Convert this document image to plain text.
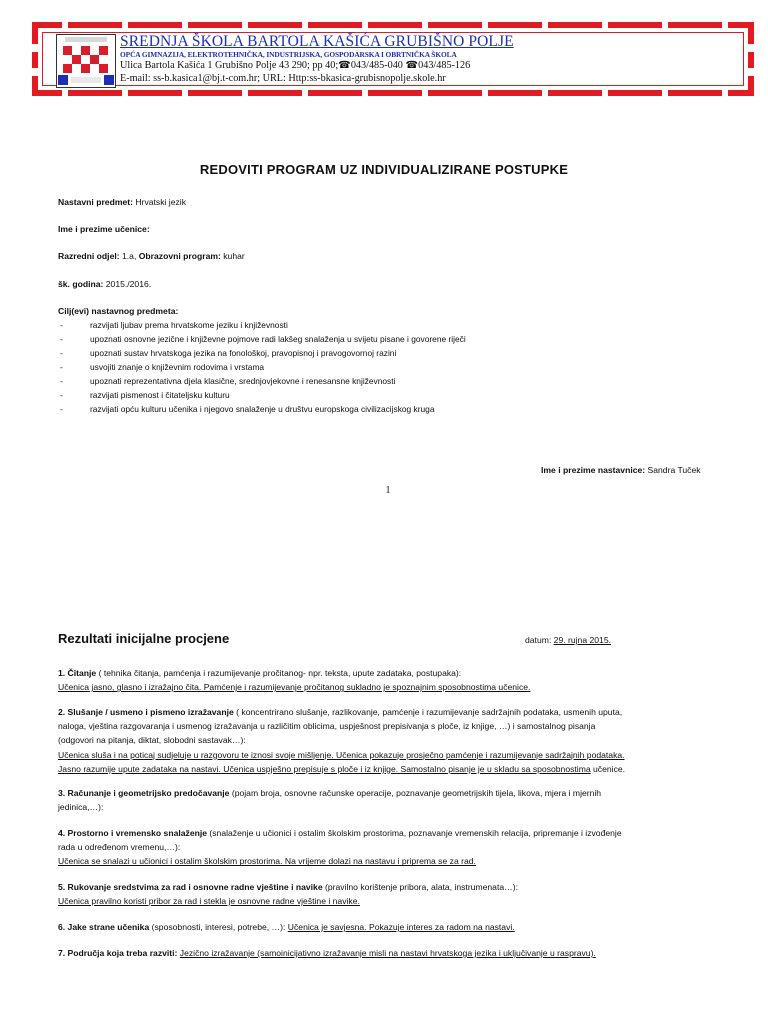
SREDNJA ŠKOLA BARTOLA KAŠIĆA GRUBIŠNO POLJE
OPĆA GIMNAZIJA, ELEKTROTEHNIČKA, INDUSTRIJSKA, GOSPODARSKA I OBRTNIČKA ŠKOLA
Ulica Bartola Kašića 1 Grubišno Polje 43 290; pp 40;☎043/485-040 ☎043/485-126
E-mail: ss-b.kasica1@bj.t-com.hr; URL: Http:ss-bkasica-grubisnopolje.skole.hr
REDOVITI PROGRAM UZ INDIVIDUALIZIRANE POSTUPKE
Nastavni predmet: Hrvatski jezik
Ime i prezime učenice:
Razredni odjel: 1.a, Obrazovni program: kuhar
šk. godina: 2015./2016.
Cilj(evi) nastavnog predmeta:
-	razvijati ljubav prema hrvatskome jeziku i književnosti
-	upoznati osnovne jezične i književne pojmove radi lakšeg snalaženja u svijetu pisane i govorene riječi
-	upoznati sustav hrvatskoga jezika na fonološkoj, pravopisnoj i pravogovornoj razini
-	usvojiti znanje o književnim rodovima i vrstama
-	upoznati reprezentativna djela klasične, srednjovjekovne i renesansne književnosti
-	razvijati pismenost i čitateljsku kulturu
-	razvijati opću kulturu učenika i njegovo snalaženje u društvu europskoga civilizacijskog kruga
Ime i prezime nastavnice: Sandra Tuček
1
Rezultati inicijalne procjene	datum: 29. rujna 2015.

1. Čitanje ( tehnika čitanja, pamćenja i razumijevanje pročitanog- npr. teksta, upute zadataka, postupaka):

Učenica jasno, glasno i izražajno čita. Pamćenje i razumijevanje pročitanog sukladno je spoznajnim sposobnostima učenice.

2. Slušanje / usmeno i pismeno izražavanje ( koncentrirano slušanje, razlikovanje, pamćenje i razumijevanje sadržajnih podataka, usmenih uputa,

naloga, vještina razgovaranja i usmenog izražavanja u različitim oblicima, uspješnost prepisivanja s ploče, iz knjige, …) i samostalnog pisanja

(odgovori na pitanja, diktat, slobodni sastavak…):

Učenica sluša i na poticaj sudjeluje u razgovoru te iznosi svoje mišljenje. Učenica pokazuje prosječno pamćenje i razumijevanje sadržajnih podataka.

Jasno razumije upute zadataka na nastavi. Učenica uspješno prepisuje s ploče i iz knjige. Samostalno pisanje je u skladu sa sposobnostima učenice.

3. Računanje i geometrijsko predočavanje (pojam broja, osnovne računske operacije, poznavanje geometrijskih tijela, likova, mjera i mjernih

jedinica,…):

4. Prostorno i vremensko snalaženje (snalaženje u učionici i ostalim školskim prostorima, poznavanje vremenskih relacija, pripremanje i izvođenje

rada u određenom vremenu,…):

Učenica se snalazi u učionici i ostalim školskim prostorima. Na vrijeme dolazi na nastavu i priprema se za rad.

5. Rukovanje sredstvima za rad i osnovne radne vještine i navike (pravilno korištenje pribora, alata, instrumenata…):

Učenica pravilno koristi pribor za rad i stekla je osnovne radne vještine i navike.

6. Jake strane učenika (sposobnosti, interesi, potrebe, …): Učenica je savjesna. Pokazuje interes za radom na nastavi.

7. Područja koja treba razviti: Jezično izražavanje (samoinicijativno izražavanje misli na nastavi hrvatskoga jezika i uključivanje u raspravu).
